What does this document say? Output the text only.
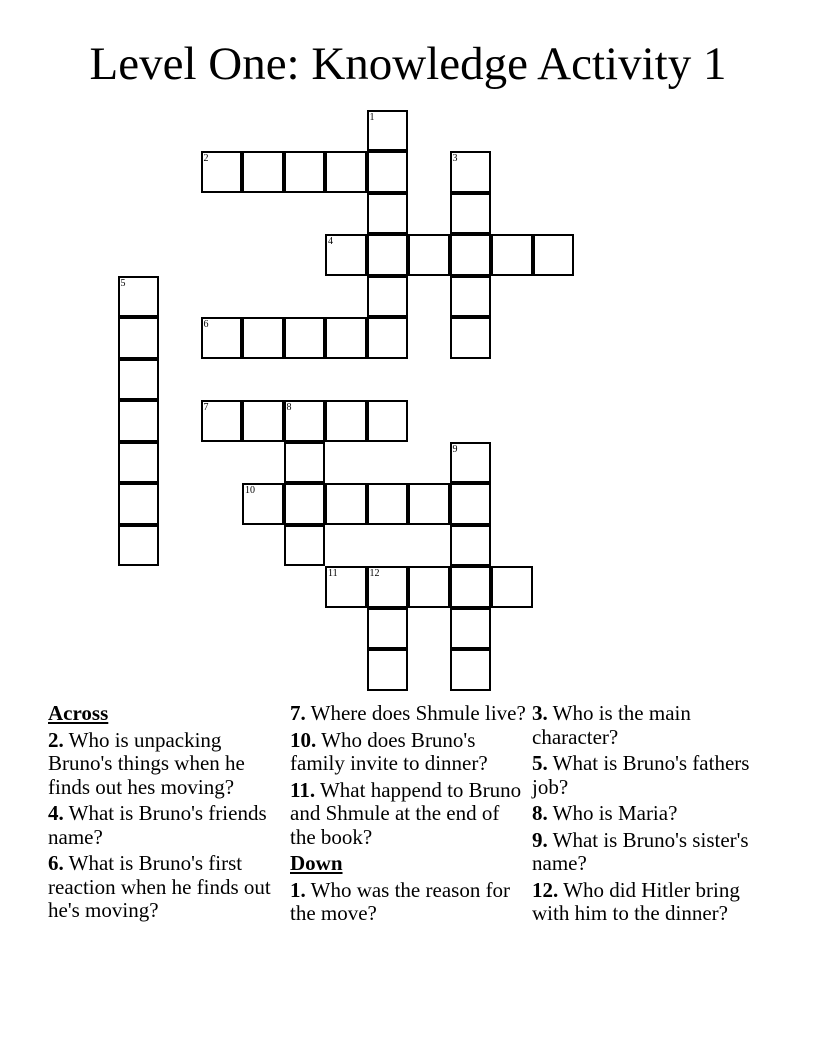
Level One: Knowledge Activity 1
1
2	3
4
5
6
7	8
9
10
11	12
Across
2. Who is unpacking Bruno's things when he finds out hes moving?
4. What is Bruno's friends name?
6. What is Bruno's first reaction when he finds out he's moving?
7. Where does Shmule live?
10. Who does Bruno's family invite to dinner?
11. What happend to Bruno and Shmule at the end of the book?
Down
1. Who was the reason for the move?
3. Who is the main character?
5. What is Bruno's fathers job?
8. Who is Maria?
9. What is Bruno's sister's name?
12. Who did Hitler bring with him to the dinner?
